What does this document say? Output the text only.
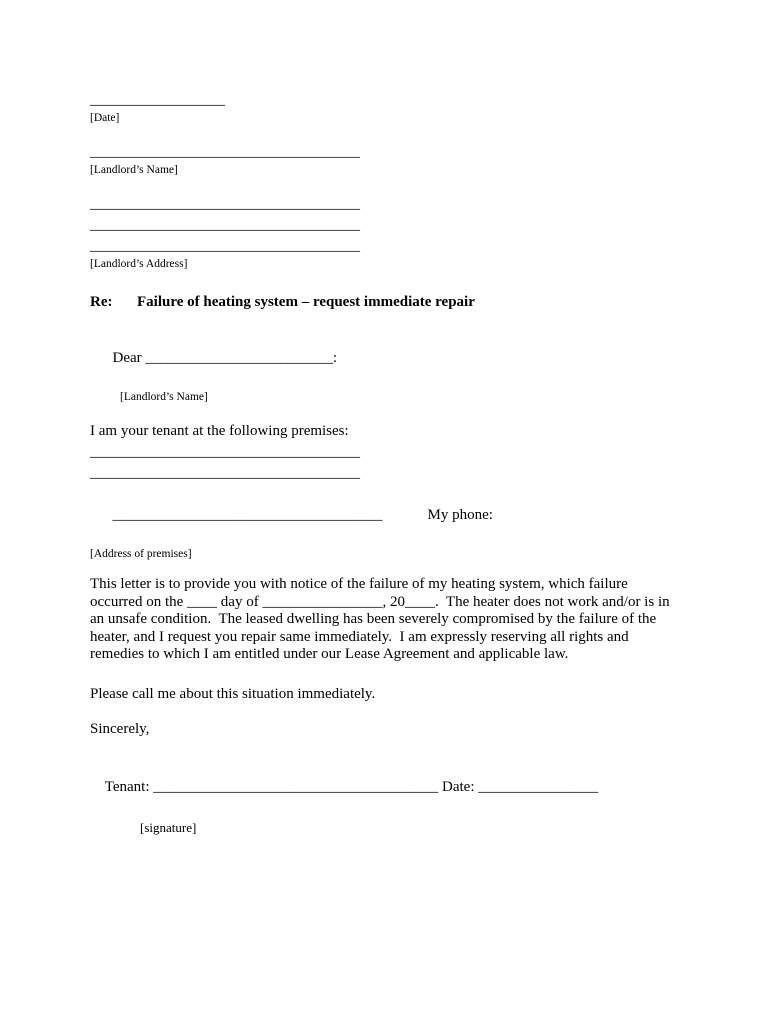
__________________
[Date]
____________________________________
[Landlord’s Name]
____________________________________
____________________________________
____________________________________
[Landlord’s Address]
Re: Failure of heating system – request immediate repair

Dear _________________________:

[Landlord’s Name]
I am your tenant at the following premises:
____________________________________
____________________________________

____________________________________	My phone:

[Address of premises]
This letter is to provide you with notice of the failure of my heating system, which failure occurred on the ____ day of ________________, 20____.  The heater does not work and/or is in an unsafe condition.  The leased dwelling has been severely compromised by the failure of the heater, and I request you repair same immediately.  I am expressly reserving all rights and remedies to which I am entitled under our Lease Agreement and applicable law.
Please call me about this situation immediately.
Sincerely,

Tenant: ______________________________________ Date: ________________

[signature]
